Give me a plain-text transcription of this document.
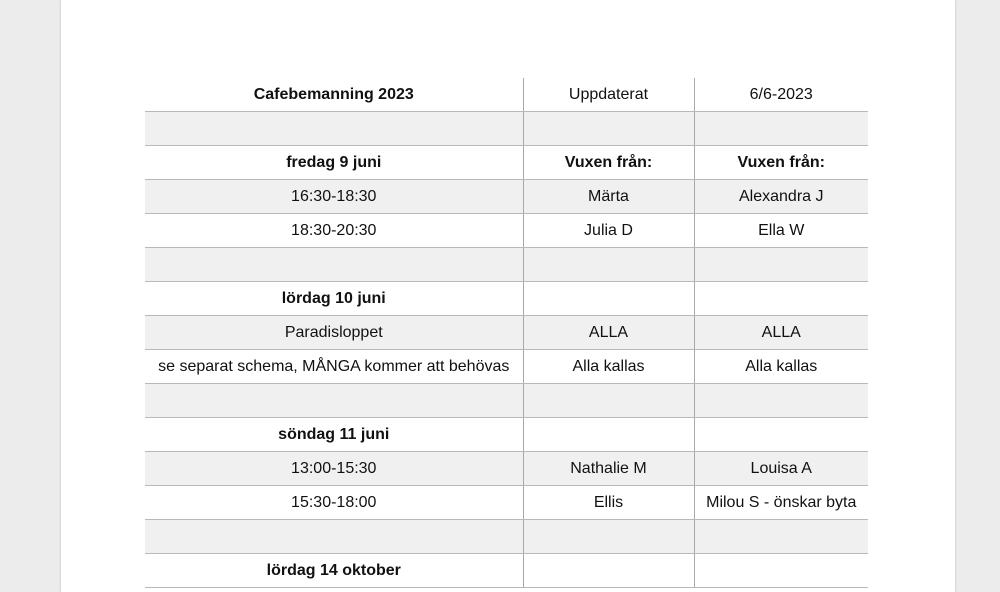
Cafebemanning 2023	Uppdaterat	6/6-2023

fredag 9 juni	Vuxen från:	Vuxen från:
16:30-18:30	Märta	Alexandra J
18:30-20:30	Julia D	Ella W

lördag 10 juni		
Paradisloppet	ALLA	ALLA
se separat schema, MÅNGA kommer att behövas	Alla kallas	Alla kallas

söndag 11 juni		
13:00-15:30	Nathalie M	Louisa A
15:30-18:00	Ellis	Milou S - önskar byta

lördag 14 oktober		
